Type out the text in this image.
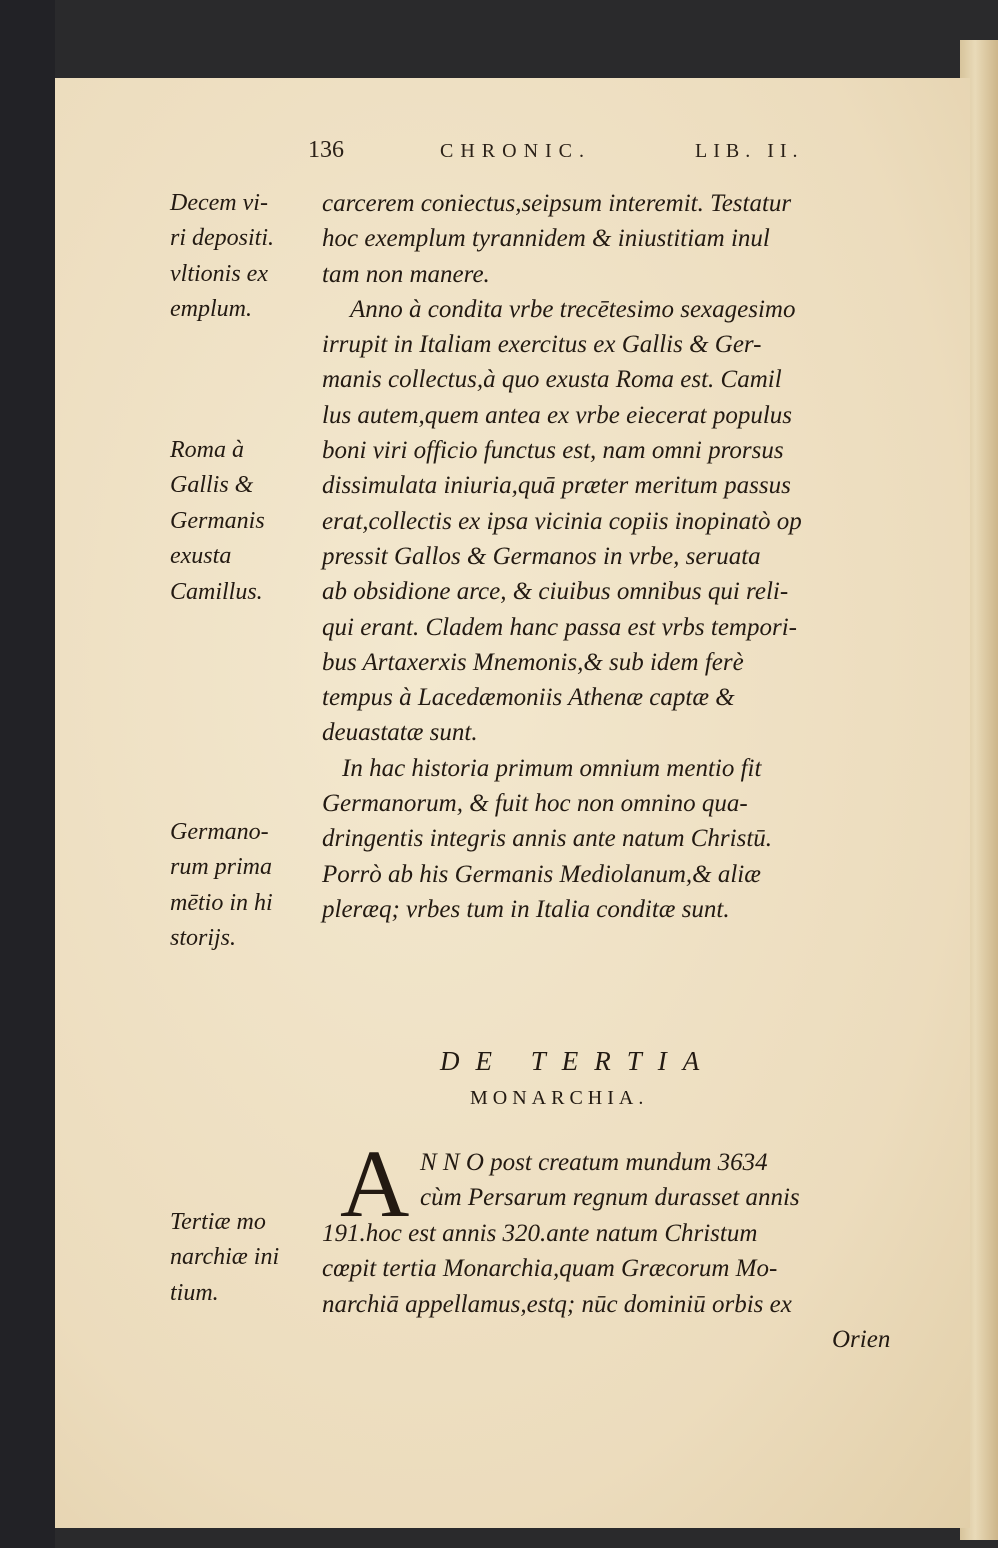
136	CHRONIC.	LIB. II.
carcerem coniectus,seipsum interemit. Testatur
hoc exemplum tyrannidem & iniustitiam inul
tam non manere.
Anno à condita vrbe trecētesimo sexagesimo
irrupit in Italiam exercitus ex Gallis & Ger-
manis collectus,à quo exusta Roma est. Camil
lus autem,quem antea ex vrbe eiecerat populus
boni viri officio functus est, nam omni prorsus
dissimulata iniuria,quā præter meritum passus
erat,collectis ex ipsa vicinia copiis inopinatò op
pressit Gallos & Germanos in vrbe, seruata
ab obsidione arce, & ciuibus omnibus qui reli-
qui erant. Cladem hanc passa est vrbs tempori-
bus Artaxerxis Mnemonis,& sub idem ferè
tempus à Lacedæmoniis Athenæ captæ &
deuastatæ sunt.
In hac historia primum omnium mentio fit
Germanorum, & fuit hoc non omnino qua-
dringentis integris annis ante natum Christū.
Porrò ab his Germanis Mediolanum,& aliæ
pleræq; vrbes tum in Italia conditæ sunt.
DE TERTIA
MONARCHIA.
A N N O post creatum mundum 3634
cùm Persarum regnum durasset annis
191.hoc est annis 320.ante natum Christum
cœpit tertia Monarchia,quam Græcorum Mo-
narchiā appellamus,estq; nūc dominiū orbis ex
Orien
Decem vi-
ri depositi.
vltionis ex
emplum.
Roma à
Gallis &
Germanis
exusta
Camillus.
Germano-
rum prima
mētio in hi
storijs.
Tertiæ mo
narchiæ ini
tium.
